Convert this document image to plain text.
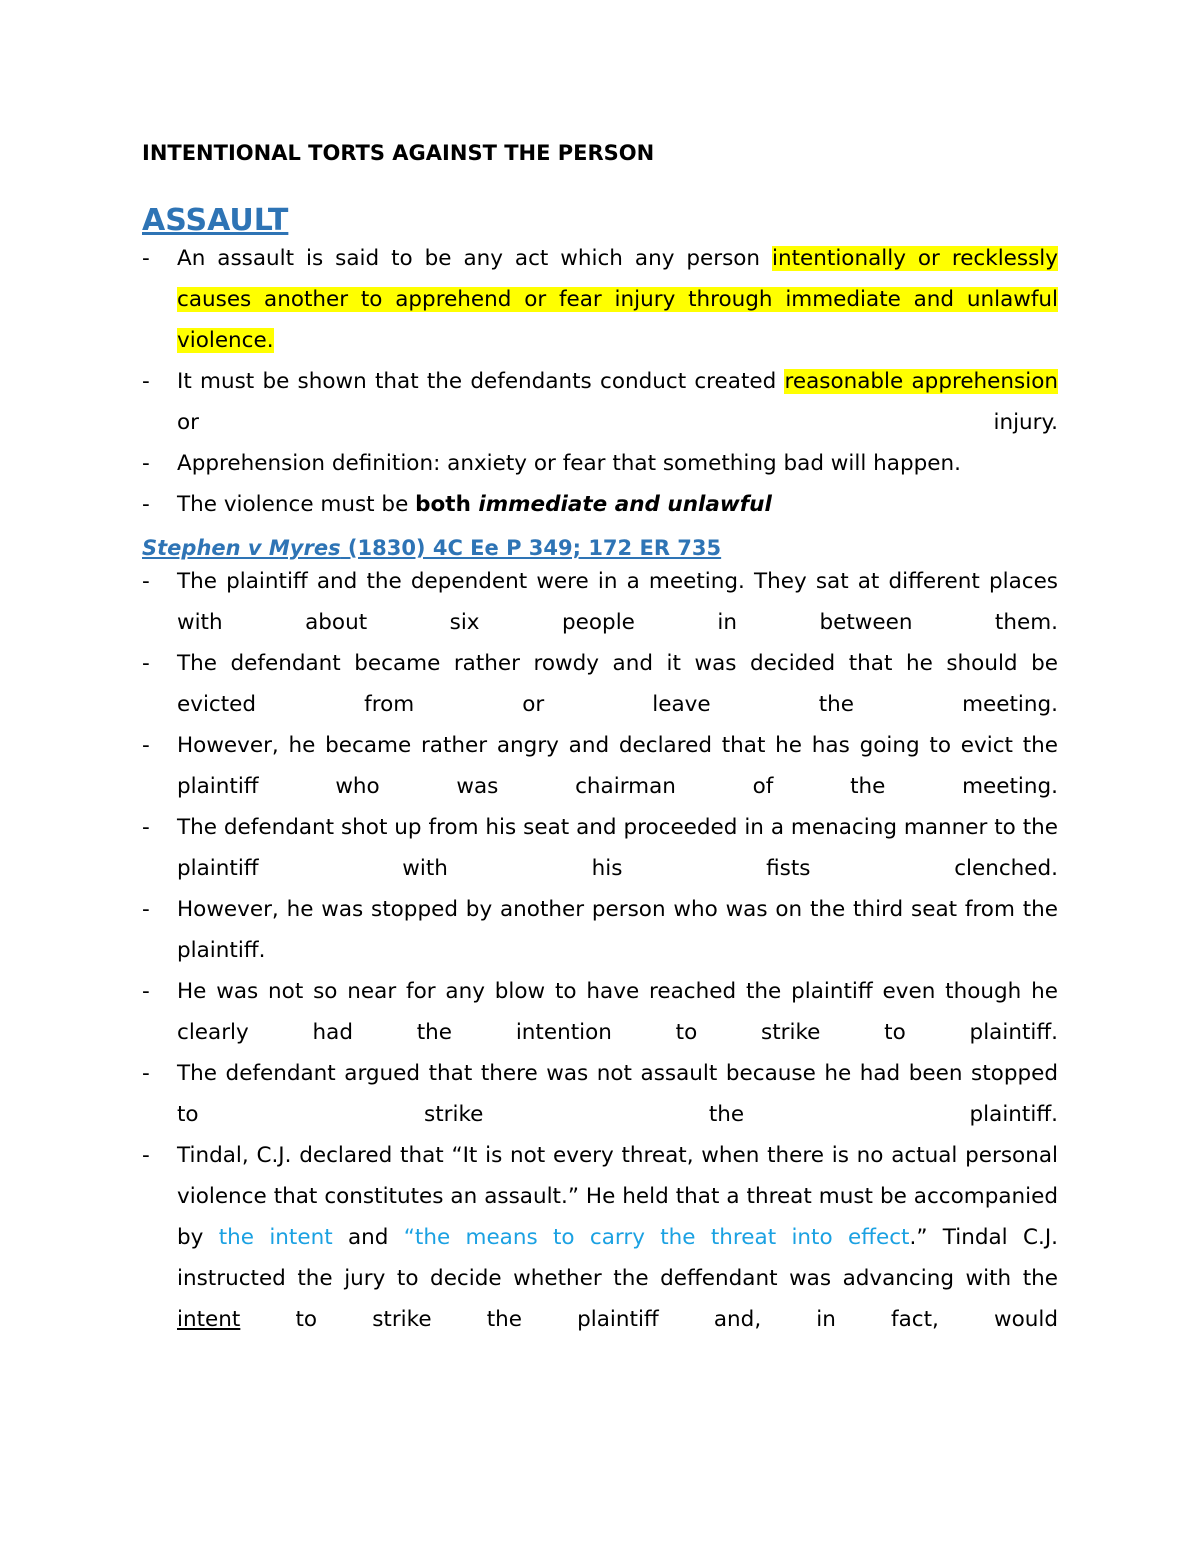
INTENTIONAL TORTS AGAINST THE PERSON
ASSAULT
- An assault is said to be any act which any person intentionally or recklessly causes another to apprehend or fear injury through immediate and unlawful violence.
- It must be shown that the defendants conduct created reasonable apprehension or injury.
- Apprehension definition: anxiety or fear that something bad will happen.
- The violence must be both immediate and unlawful
Stephen v Myres (1830) 4C Ee P 349; 172 ER 735
- The plaintiff and the dependent were in a meeting. They sat at different places with about six people in between them.
- The defendant became rather rowdy and it was decided that he should be evicted from or leave the meeting.
- However, he became rather angry and declared that he has going to evict the plaintiff who was chairman of the meeting.
- The defendant shot up from his seat and proceeded in a menacing manner to the plaintiff with his fists clenched.
- However, he was stopped by another person who was on the third seat from the plaintiff.
- He was not so near for any blow to have reached the plaintiff even though he clearly had the intention to strike to plaintiff.
- The defendant argued that there was not assault because he had been stopped to strike the plaintiff.
- Tindal, C.J. declared that “It is not every threat, when there is no actual personal violence that constitutes an assault.” He held that a threat must be accompanied by the intent and “the means to carry the threat into effect.” Tindal C.J. instructed the jury to decide whether the deffendant was advancing with the intent to strike the plaintiff and, in fact, would
